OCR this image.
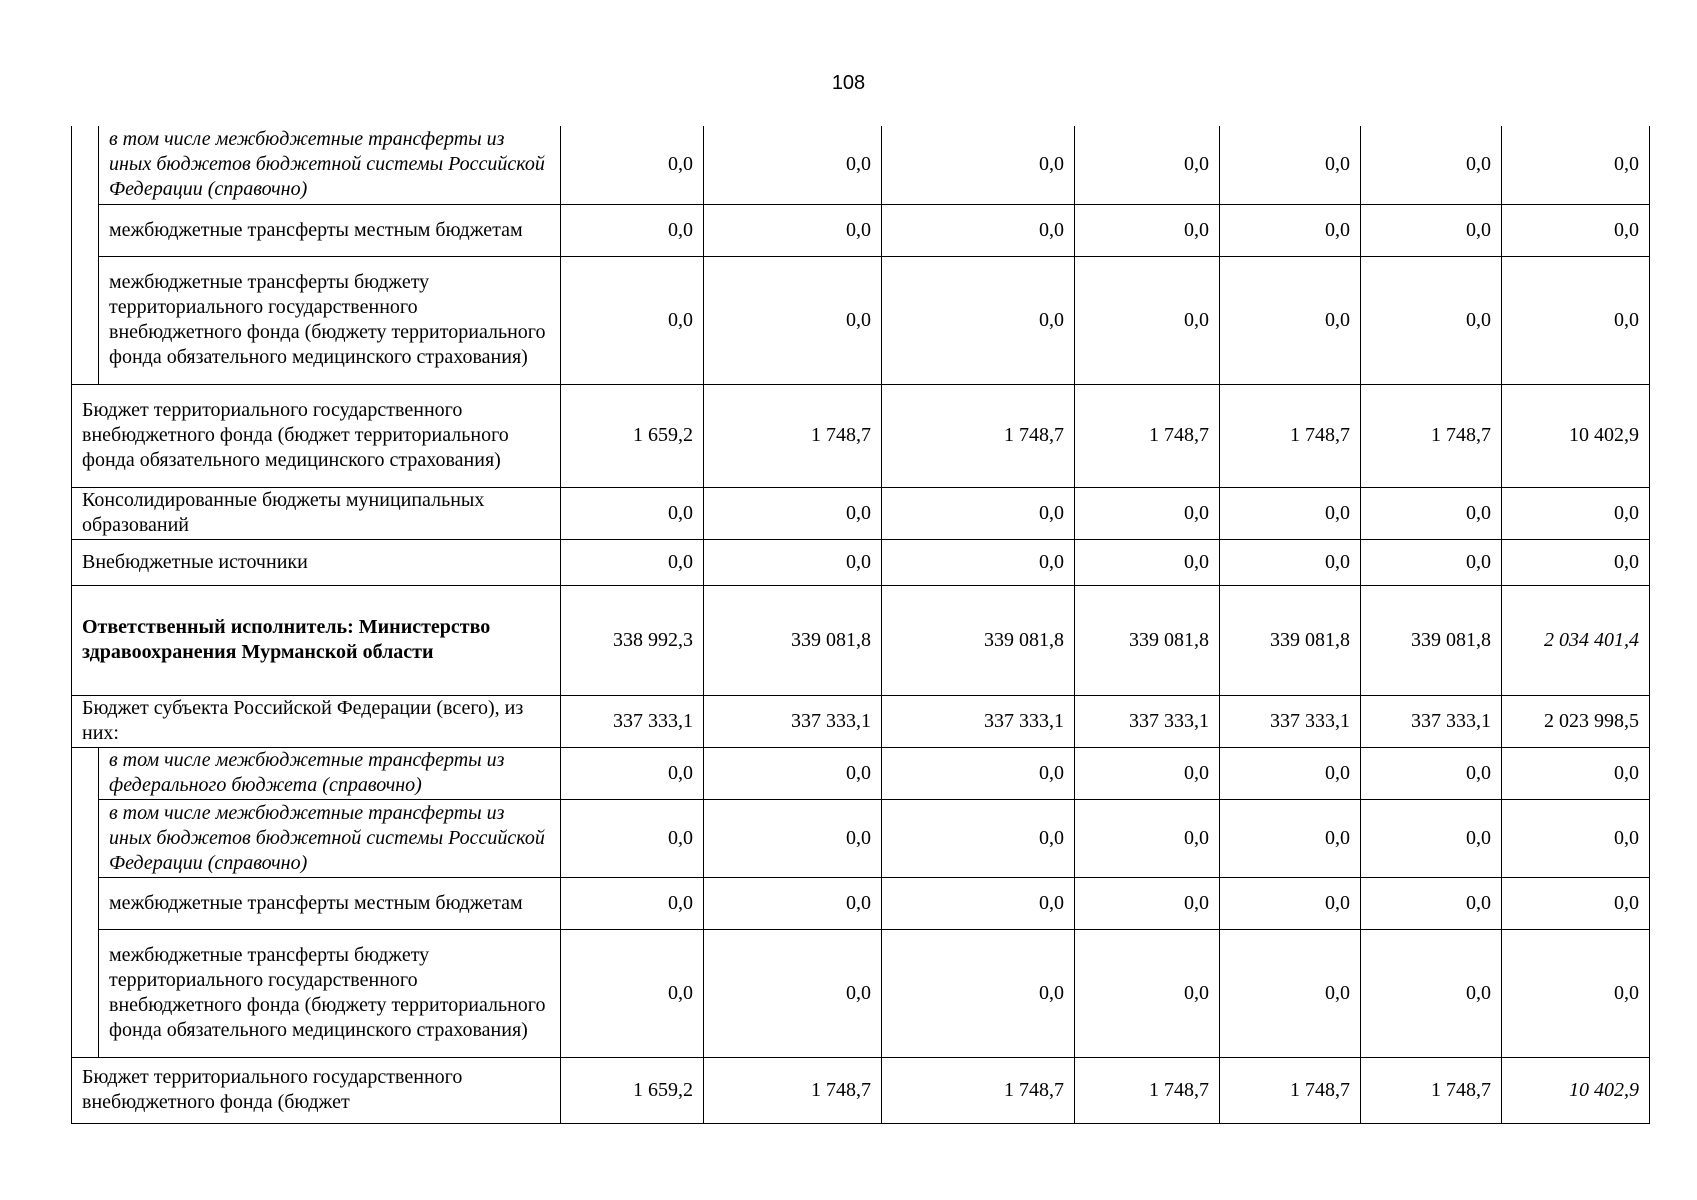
108
	в том числе межбюджетные трансферты из иных бюджетов бюджетной системы Российской Федерации (справочно)	0,0	0,0	0,0	0,0	0,0	0,0	0,0
	межбюджетные трансферты местным бюджетам	0,0	0,0	0,0	0,0	0,0	0,0	0,0
	межбюджетные трансферты бюджету территориального государственного внебюджетного фонда (бюджету территориального фонда обязательного медицинского страхования)	0,0	0,0	0,0	0,0	0,0	0,0	0,0
Бюджет территориального государственного внебюджетного фонда (бюджет территориального фонда обязательного медицинского страхования)		1 659,2	1 748,7	1 748,7	1 748,7	1 748,7	1 748,7	10 402,9
Консолидированные бюджеты муниципальных образований		0,0	0,0	0,0	0,0	0,0	0,0	0,0
Внебюджетные источники		0,0	0,0	0,0	0,0	0,0	0,0	0,0
Ответственный исполнитель: Министерство здравоохранения Мурманской области		338 992,3	339 081,8	339 081,8	339 081,8	339 081,8	339 081,8	2 034 401,4
Бюджет субъекта Российской Федерации (всего), из них:		337 333,1	337 333,1	337 333,1	337 333,1	337 333,1	337 333,1	2 023 998,5
	в том числе межбюджетные трансферты из федерального бюджета (справочно)	0,0	0,0	0,0	0,0	0,0	0,0	0,0
	в том числе межбюджетные трансферты из иных бюджетов бюджетной системы Российской Федерации (справочно)	0,0	0,0	0,0	0,0	0,0	0,0	0,0
	межбюджетные трансферты местным бюджетам	0,0	0,0	0,0	0,0	0,0	0,0	0,0
	межбюджетные трансферты бюджету территориального государственного внебюджетного фонда (бюджету территориального фонда обязательного медицинского страхования)	0,0	0,0	0,0	0,0	0,0	0,0	0,0
Бюджет территориального государственного внебюджетного фонда (бюджет		1 659,2	1 748,7	1 748,7	1 748,7	1 748,7	1 748,7	10 402,9
